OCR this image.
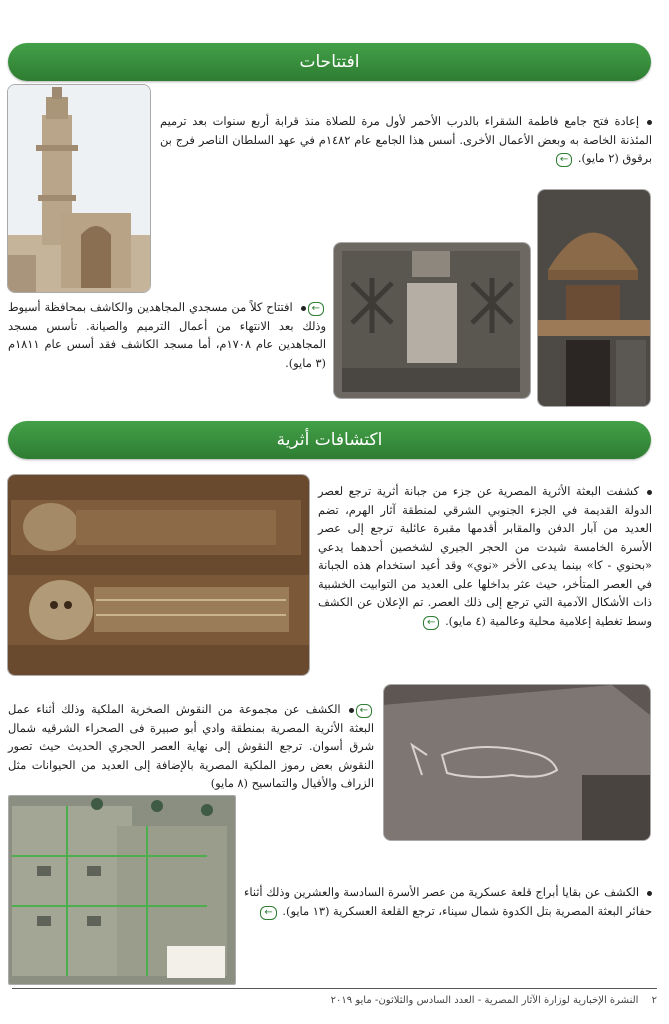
افتتاحات
إعادة فتح جامع فاطمة الشقراء بالدرب الأحمر لأول مرة للصلاة منذ قرابة أربع سنوات بعد ترميم المئذنة الخاصة به وبعض الأعمال الأخرى. أسس هذا الجامع عام ١٤٨٢م في عهد السلطان الناصر فرج بن برقوق (٢ مايو). ←
←افتتاح كلاً من مسجدي المجاهدين والكاشف بمحافظة أسيوط وذلك بعد الانتهاء من أعمال الترميم والصيانة. تأسس مسجد المجاهدين عام ١٧٠٨م، أما مسجد الكاشف فقد أسس عام ١٨١١م (٣ مايو).
اكتشافات أثرية
كشفت البعثة الأثرية المصرية عن جزء من جبانة أثرية ترجع لعصر الدولة القديمة في الجزء الجنوبي الشرقي لمنطقة آثار الهرم، تضم العديد من آبار الدفن والمقابر أقدمها مقبرة عائلية ترجع إلى عصر الأسرة الخامسة شيدت من الحجر الجيري لشخصين أحدهما يدعي «بحنوي - كا» بينما يدعى الأخر «نوي» وقد أعيد استخدام هذه الجبانة في العصر المتأخر، حيث عثر بداخلها على العديد من التوابيت الخشبية ذات الأشكال الآدمية التي ترجع إلى ذلك العصر. تم الإعلان عن الكشف وسط تغطية إعلامية محلية وعالمية (٤ مايو). ←
←الكشف عن مجموعة من النقوش الصخرية الملكية وذلك أثناء عمل البعثة الأثرية المصرية بمنطقة وادي أبو صبيرة فى الصحراء الشرقيه شمال شرق أسوان. ترجع النقوش إلى نهاية العصر الحجري الحديث حيث تصور النقوش بعض رموز الملكية المصرية بالإضافة إلى العديد من الحيوانات مثل الزراف والأفيال والتماسيح (٨ مايو)
الكشف عن بقايا أبراج قلعة عسكرية من عصر الأسرة السادسة والعشرين وذلك أثناء حفائر البعثة المصرية بتل الكدوة شمال سيناء، ترجع القلعة العسكرية (١٣ مايو). ←
٢ النشرة الإخبارية لوزارة الآثار المصرية - العدد السادس والثلاثون- مايو ٢٠١٩
